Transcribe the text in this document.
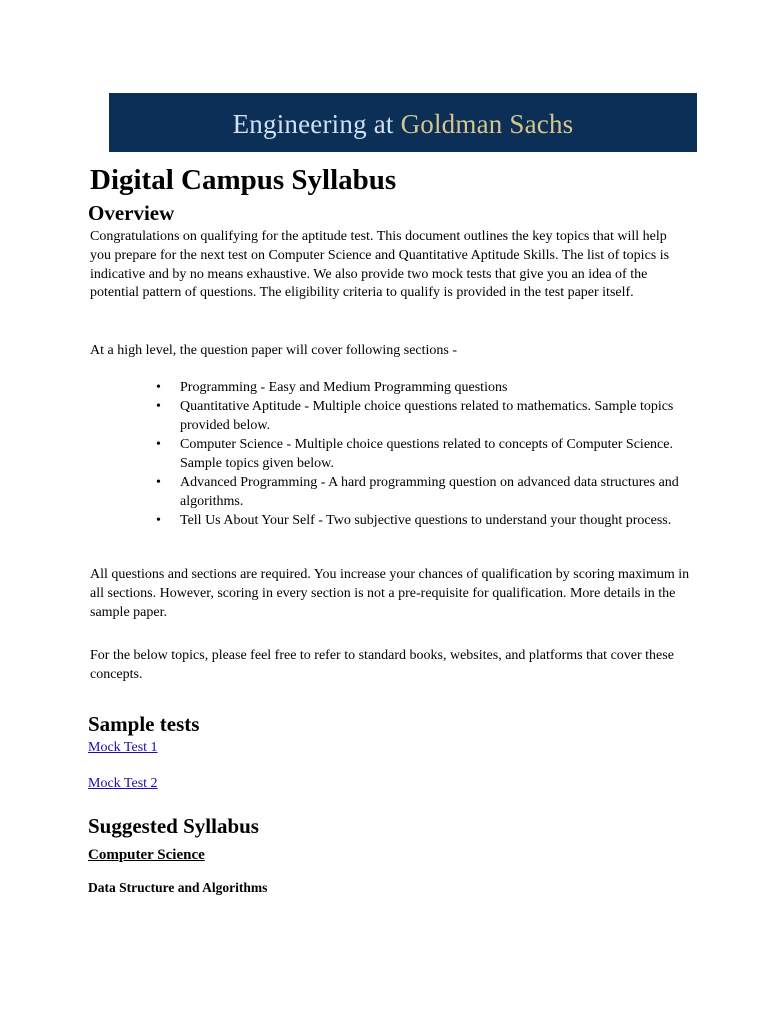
Engineering at Goldman Sachs
Digital Campus Syllabus
Overview

Congratulations on qualifying for the aptitude test. This document outlines the key topics that will help you prepare for the next test on Computer Science and Quantitative Aptitude Skills. The list of topics is indicative and by no means exhaustive. We also provide two mock tests that give you an idea of the potential pattern of questions. The eligibility criteria to qualify is provided in the test paper itself.

At a high level, the question paper will cover following sections -

• Programming - Easy and Medium Programming questions
• Quantitative Aptitude - Multiple choice questions related to mathematics. Sample topics provided below.
• Computer Science - Multiple choice questions related to concepts of Computer Science. Sample topics given below.
• Advanced Programming - A hard programming question on advanced data structures and algorithms.
• Tell Us About Your Self - Two subjective questions to understand your thought process.

All questions and sections are required. You increase your chances of qualification by scoring maximum in all sections. However, scoring in every section is not a pre-requisite for qualification. More details in the sample paper.

For the below topics, please feel free to refer to standard books, websites, and platforms that cover these concepts.

Sample tests
Mock Test 1
Mock Test 2
Suggested Syllabus
Computer Science
Data Structure and Algorithms
